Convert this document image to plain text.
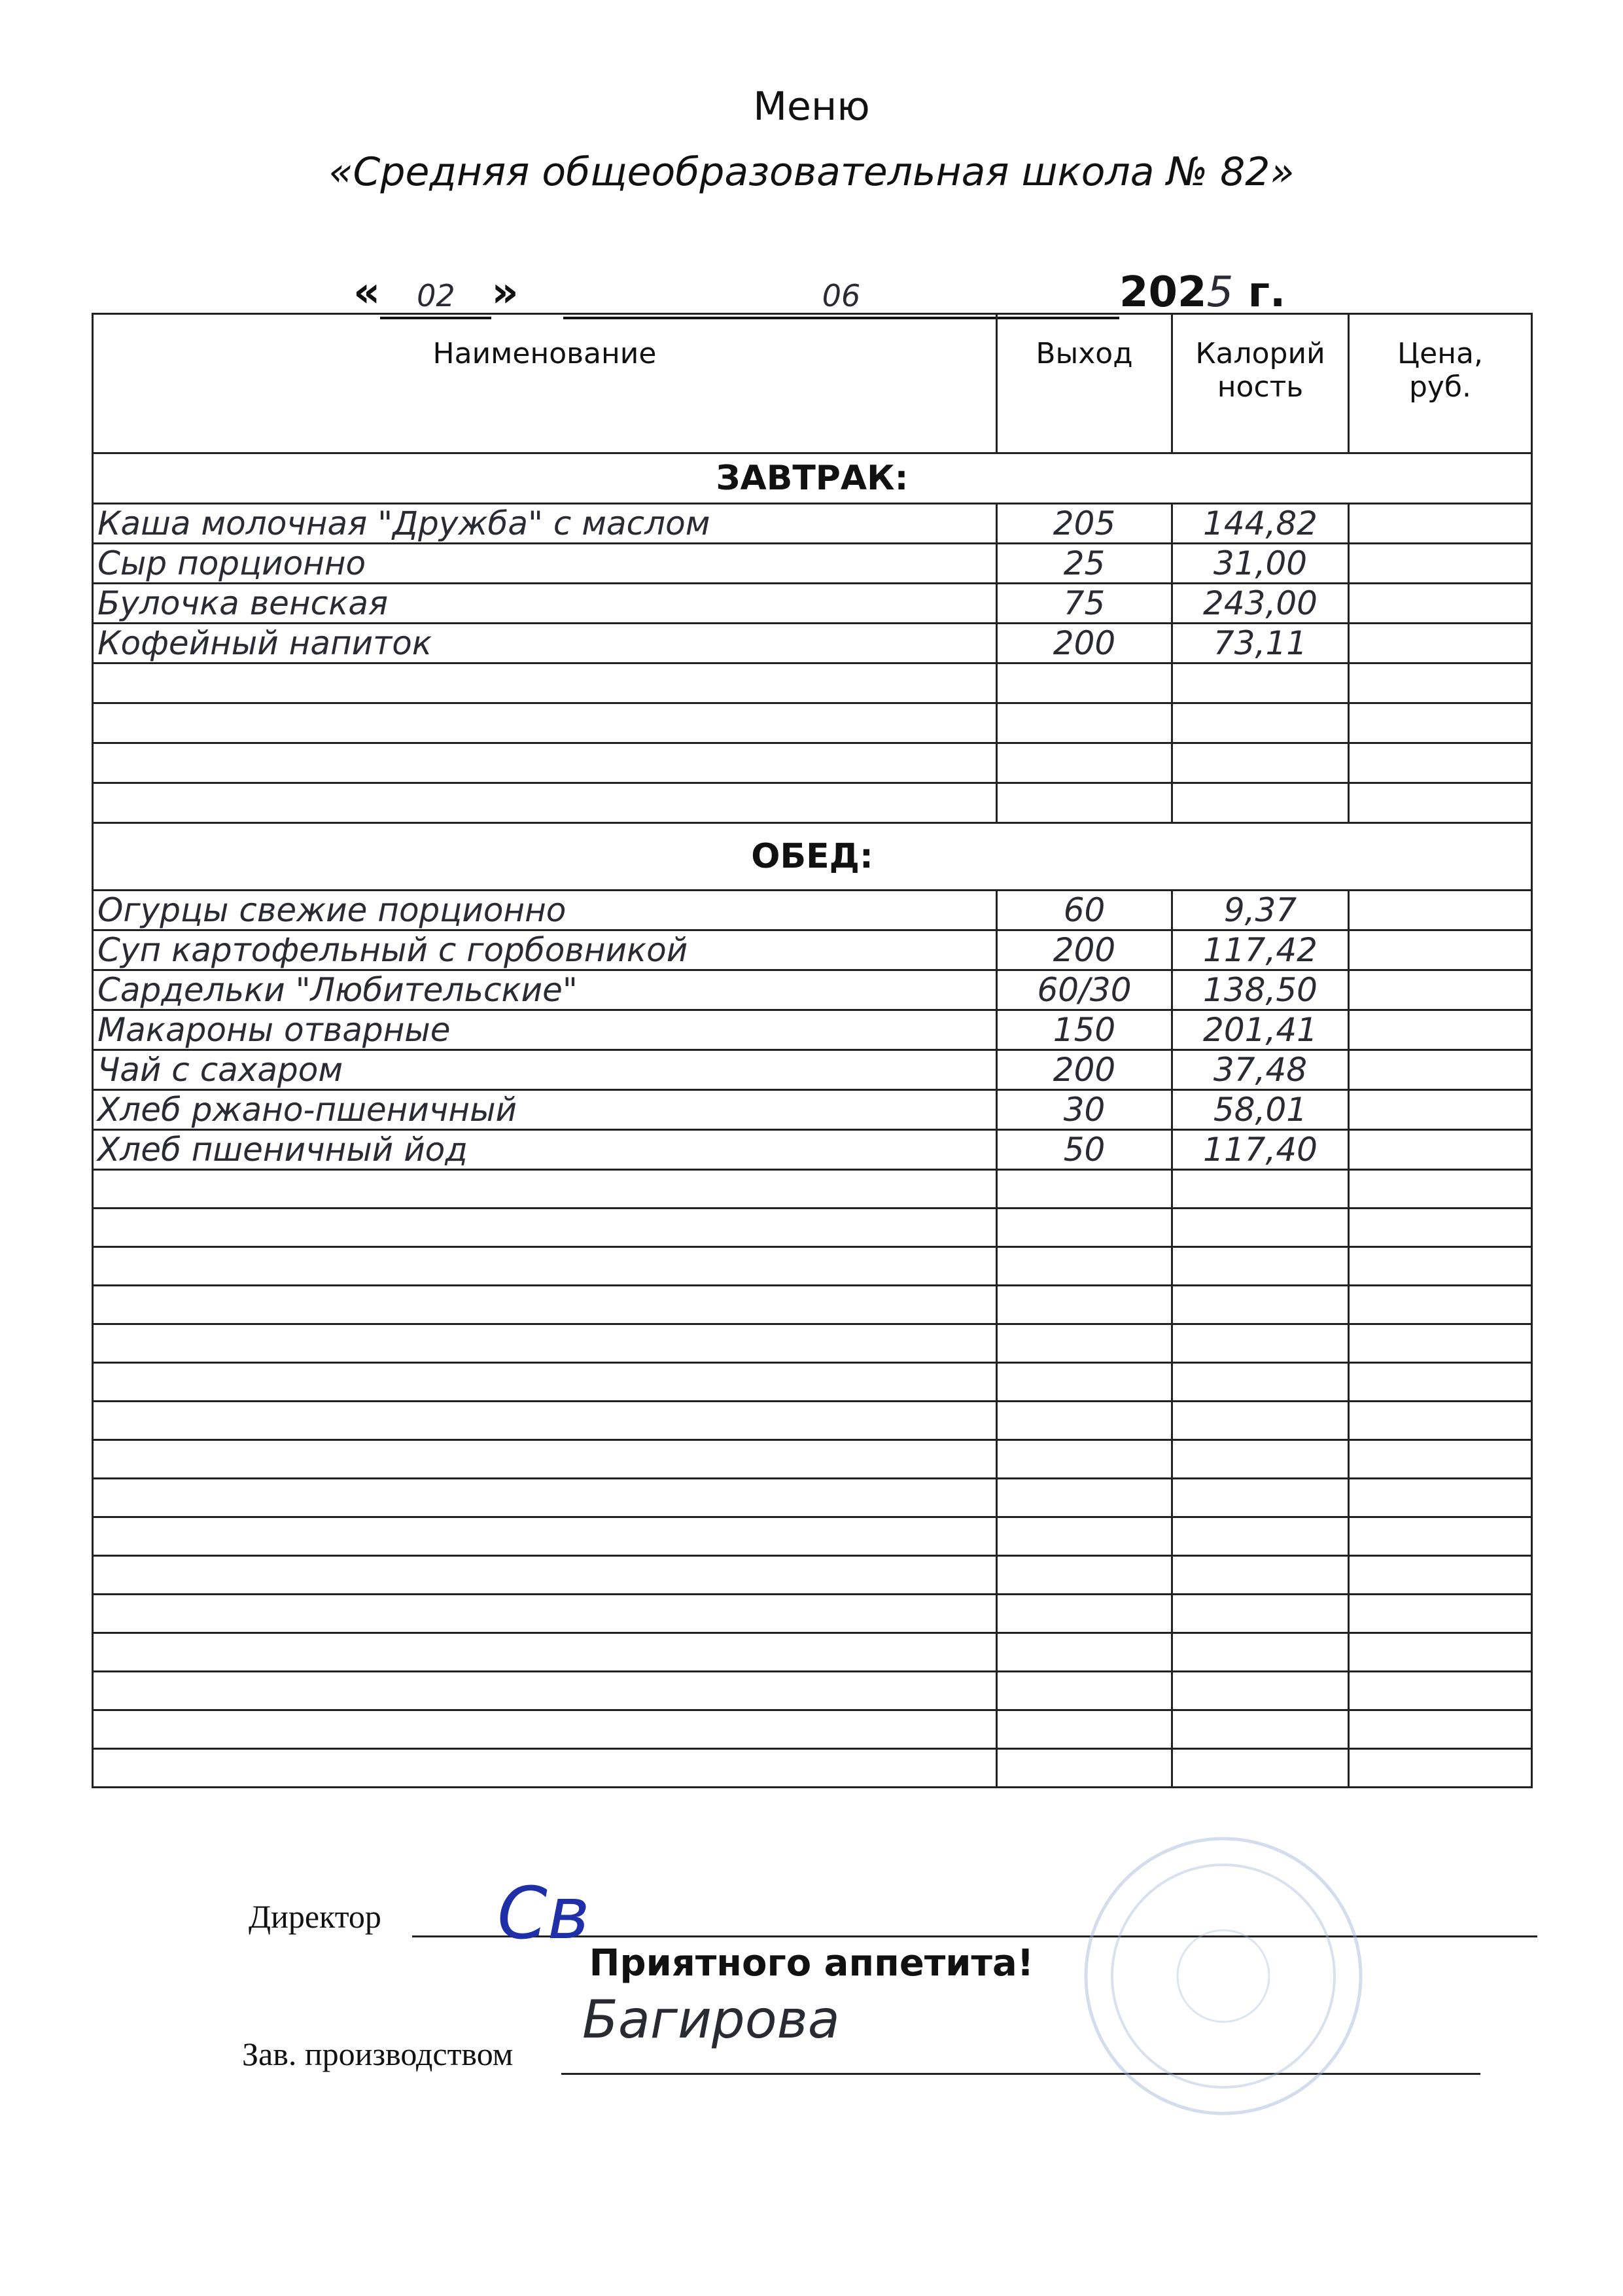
Меню
«Средняя общеобразовательная школа № 82»
« 02 »	06	2025 г.
Наименование	Выход	Калорий ность	Цена, руб.
ЗАВТРАК:			
Каша молочная "Дружба" с маслом	205	144,82	
Сыр порционно	25	31,00	
Булочка венская	75	243,00	
Кофейный напиток	200	73,11	

ОБЕД:			
Огурцы свежие порционно	60	9,37	
Суп картофельный с горбовникой	200	117,42	
Сардельки "Любительские"	60/30	138,50	
Макароны отварные	150	201,41	
Чай с сахаром	200	37,48	
Хлеб ржано-пшеничный	30	58,01	
Хлеб пшеничный йод	50	117,40	

Приятного аппетита!
Директор Св
Зав. производством
Багирова
